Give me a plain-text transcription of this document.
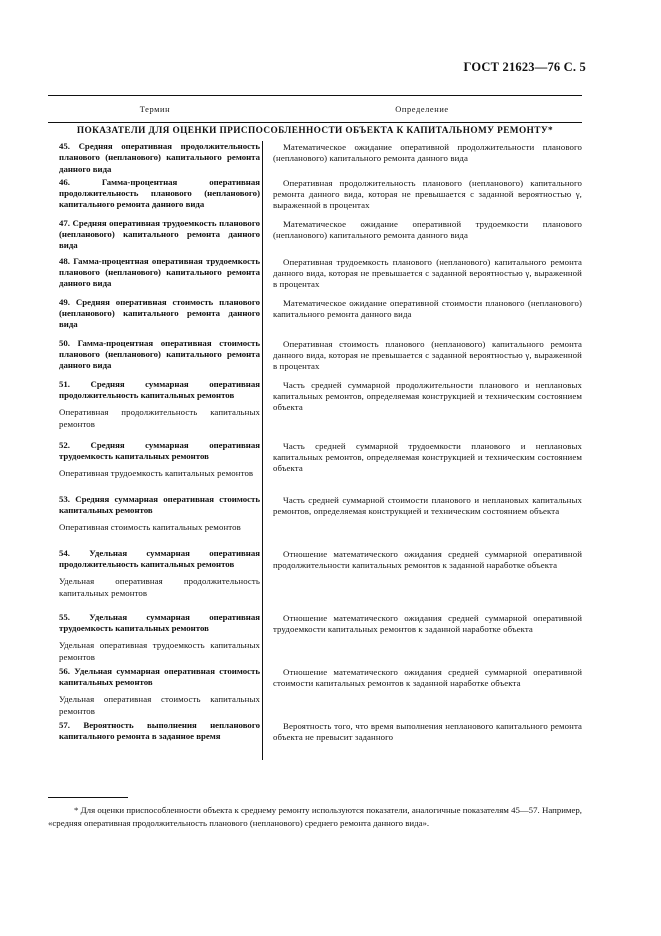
ГОСТ 21623—76 С. 5
Термин	Определение
ПОКАЗАТЕЛИ ДЛЯ ОЦЕНКИ ПРИСПОСОБЛЕННОСТИ ОБЪЕКТА К КАПИТАЛЬНОМУ РЕМОНТУ*

45. Средняя оперативная продолжительность планового (непланового) капитального ремонта данного вида

Математическое ожидание оперативной продолжительности планового (непланового) капитального ремонта данного вида

46. Гамма-процентная оперативная продолжительность планового (непланового) капитального ремонта данного вида

Оперативная продолжительность планового (непланового) капитального ремонта данного вида, которая не превышается с заданной вероятностью γ, выраженной в процентах

47. Средняя оперативная трудоемкость планового (непланового) капитального ремонта данного вида

Математическое ожидание оперативной трудоемкости планового (непланового) капитального ремонта данного вида

48. Гамма-процентная оперативная трудоемкость планового (непланового) капитального ремонта данного вида

Оперативная трудоемкость планового (непланового) капитального ремонта данного вида, которая не превышается с заданной вероятностью γ, выраженной в процентах

49. Средняя оперативная стоимость планового (непланового) капитального ремонта данного вида

Математическое ожидание оперативной стоимости планового (непланового) капитального ремонта данного вида

50. Гамма-процентная оперативная стоимость планового (непланового) капитального ремонта данного вида

Оперативная стоимость планового (непланового) капитального ремонта данного вида, которая не превышается с заданной вероятностью γ, выраженной в процентах

51. Средняя суммарная оперативная продолжительность капитальных ремонтов

Оперативная продолжительность капитальных ремонтов

Часть средней суммарной продолжительности планового и неплановых капитальных ремонтов, определяемая конструкцией и техническим состоянием объекта

52. Средняя суммарная оперативная трудоемкость капитальных ремонтов

Оперативная трудоемкость капитальных ремонтов

Часть средней суммарной трудоемкости планового и неплановых капитальных ремонтов, определяемая конструкцией и техническим состоянием объекта

53. Средняя суммарная оперативная стоимость капитальных ремонтов

Оперативная стоимость капитальных ремонтов

Часть средней суммарной стоимости планового и неплановых капитальных ремонтов, определяемая конструкцией и техническим состоянием объекта

54. Удельная суммарная оперативная продолжительность капитальных ремонтов

Удельная оперативная продолжительность капитальных ремонтов

Отношение математического ожидания средней суммарной оперативной продолжительности капитальных ремонтов к заданной наработке объекта

55. Удельная суммарная оперативная трудоемкость капитальных ремонтов

Удельная оперативная трудоемкость капитальных ремонтов

Отношение математического ожидания средней суммарной оперативной трудоемкости капитальных ремонтов к заданной наработке объекта

56. Удельная суммарная оперативная стоимость капитальных ремонтов

Удельная оперативная стоимость капитальных ремонтов

Отношение математического ожидания средней суммарной оперативной стоимости капитальных ремонтов к заданной наработке объекта

57. Вероятность выполнения непланового капитального ремонта в заданное время

Вероятность того, что время выполнения непланового капитального ремонта объекта не превысит заданного

* Для оценки приспособленности объекта к среднему ремонту используются показатели, аналогичные показателям 45—57. Например, «средняя оперативная продолжительность планового (непланового) среднего ремонта данного вида».
